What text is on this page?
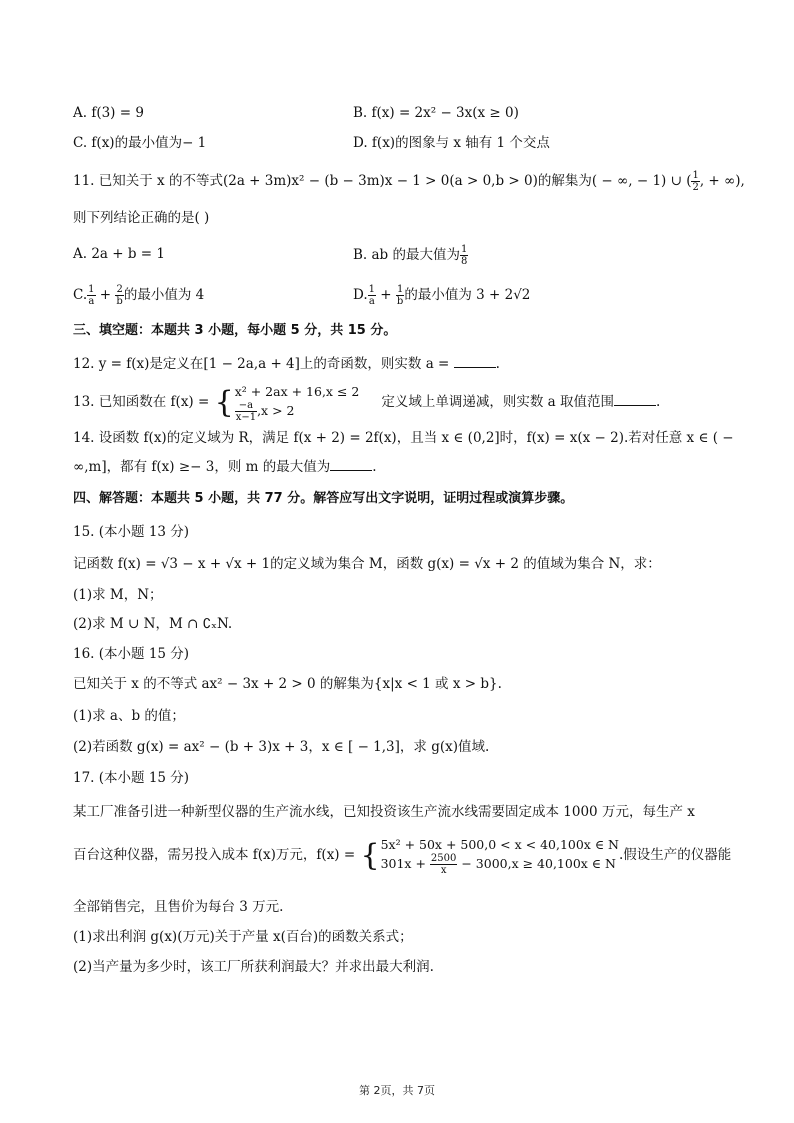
A. f(3) = 9	B. f(x) = 2x² − 3x(x ≥ 0)
C. f(x)的最小值为− 1	D. f(x)的图象与 x 轴有 1 个交点
11. 已知关于 x 的不等式(2a + 3m)x² − (b − 3m)x − 1 > 0(a > 0,b > 0)的解集为( − ∞, − 1) ∪ ( $\frac{1}{2}$ , + ∞),
则下列结论正确的是( )
A. 2a + b = 1	B. ab 的最大值为 $\frac{1}{8}$
C. $\frac{1}{a} + \frac{2}{b}$ 的最小值为 4	D. $\frac{1}{a} + \frac{1}{b}$ 的最小值为 3 + 2√2
三、填空题：本题共 3 小题，每小题 5 分，共 15 分。
12. y = f(x)是定义在[1 − 2a,a + 4]上的奇函数，则实数 a =	.
13. 已知函数在 f(x) = { x² + 2ax + 16,x ≤ 2
$\frac{-a}{x-1} ,x > 2$	定义域上单调递减，则实数 a 取值范围	.
14. 设函数 f(x)的定义域为 R，满足 f(x + 2) = 2f(x)，且当 x ∈ (0,2]时，f(x) = x(x − 2).若对任意 x ∈ ( −
∞,m]，都有 f(x) ≥− 3，则 m 的最大值为	.
四、解答题：本题共 5 小题，共 77 分。解答应写出文字说明，证明过程或演算步骤。
15. (本小题 13 分)
记函数 f(x) = √3 − x + √x + 1的定义域为集合 M，函数 g(x) = √x + 2 的值域为集合 N，求：
(1)求 M，N；
(2)求 M ∪ N，M ∩ ∁ₓN.
16. (本小题 15 分)
已知关于 x 的不等式 ax² − 3x + 2 > 0 的解集为{x|x < 1 或 x > b}.
(1)求 a、b 的值；
(2)若函数 g(x) = ax² − (b + 3)x + 3，x ∈ [ − 1,3]，求 g(x)值域.
17. (本小题 15 分)
某工厂准备引进一种新型仪器的生产流水线，已知投资该生产流水线需要固定成本 1000 万元，每生产 x
百台这种仪器，需另投入成本 f(x)万元，f(x) = { 5x² + 50x + 500,0 < x < 40,100x ∈ N
$301x + \frac{2500}{x} - 3000,x \ge 40,100x$ ∈ N .假设生产的仪器能
全部销售完，且售价为每台 3 万元.
(1)求出利润 g(x)(万元)关于产量 x(百台)的函数关系式；
(2)当产量为多少时，该工厂所获利润最大？并求出最大利润.
第 2页，共 7页
